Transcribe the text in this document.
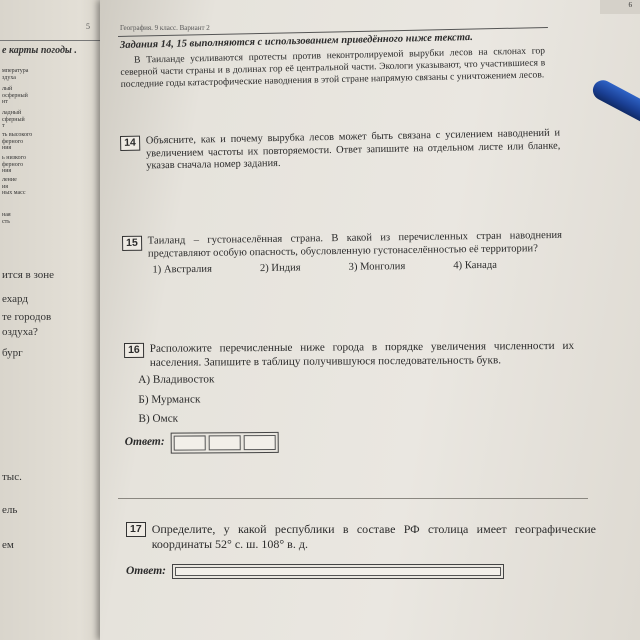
5
е карты погоды .
мпература
здуха
лый
осферный
нт
ладный
сферный
т
ть высокого
ферного
ния
ь низкого
ферного
ния
ление
ия
ных масс
ная
сть
ится в зоне
ехард
те городов
оздуха?
бург
тыс.
ель
ем
6
География. 9 класс. Вариант 2
Задания 14, 15 выполняются с использованием приведённого ниже текста.
В Таиланде усиливаются протесты против неконтролируемой вырубки лесов на склонах гор северной части страны и в долинах гор её центральной части. Экологи указывают, что участившиеся в последние годы катастрофические наводнения в этой стране напрямую связаны с уничтожением лесов.
14 Объясните, как и почему вырубка лесов может быть связана с усилением наводнений и увеличением частоты их повторяемости. Ответ запишите на отдельном листе или бланке, указав сначала номер задания.
15 Таиланд – густонаселённая страна. В какой из перечисленных стран наводнения представляют особую опасность, обусловленную густонаселённостью её территории?
1) Австралия	2) Индия	3) Монголия	4) Канада
16 Расположите перечисленные ниже города в порядке увеличения численности их населения. Запишите в таблицу получившуюся последовательность букв.
А) Владивосток
Б) Мурманск
В) Омск
Ответ:
17 Определите, у какой республики в составе РФ столица имеет географические координаты 52° с. ш. 108° в. д.
Ответ:
